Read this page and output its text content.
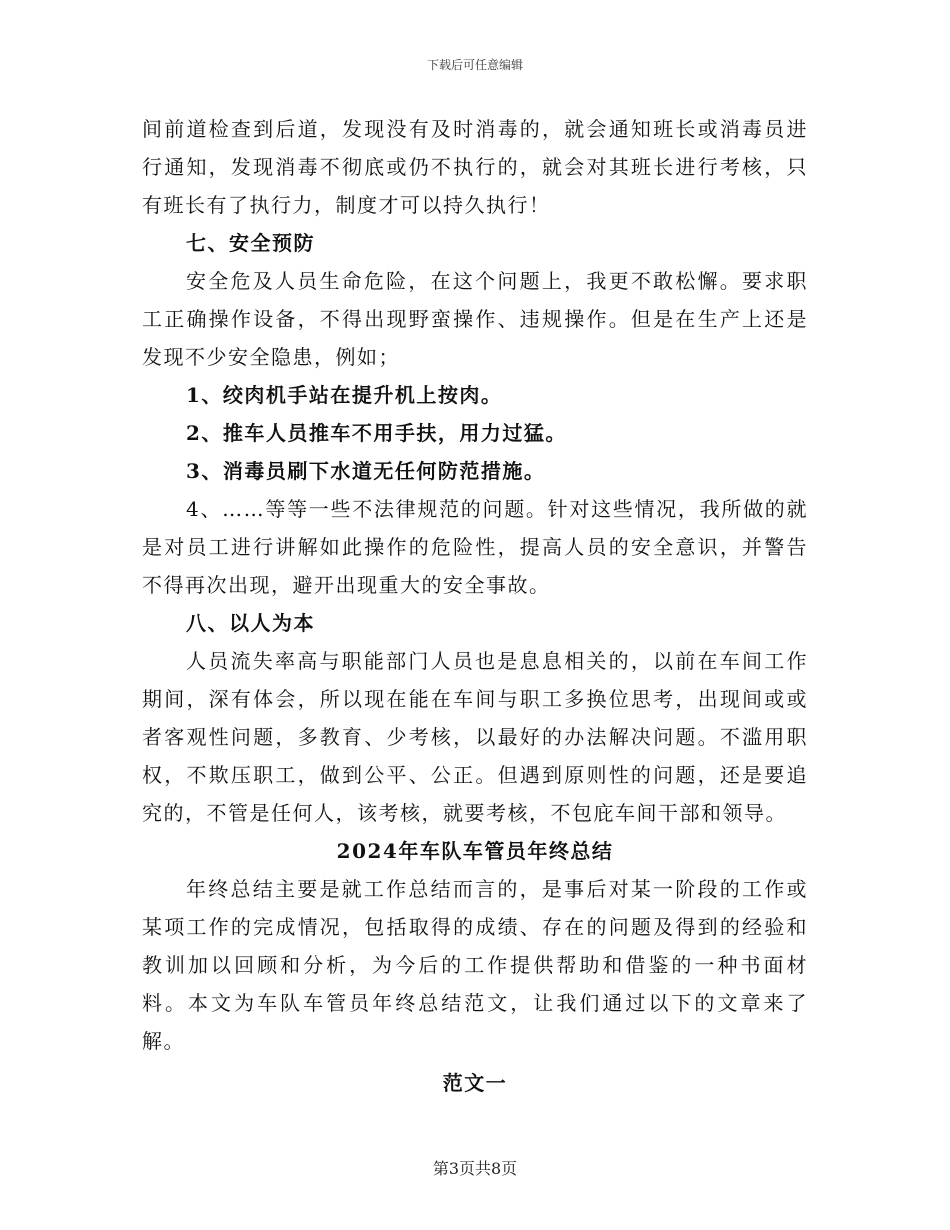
下载后可任意编辑

间前道检查到后道，发现没有及时消毒的，就会通知班长或消毒员进行通知，发现消毒不彻底或仍不执行的，就会对其班长进行考核，只有班长有了执行力，制度才可以持久执行！

七、安全预防

安全危及人员生命危险，在这个问题上，我更不敢松懈。要求职工正确操作设备，不得出现野蛮操作、违规操作。但是在生产上还是发现不少安全隐患，例如；

1、绞肉机手站在提升机上按肉。

2、推车人员推车不用手扶，用力过猛。

3、消毒员刷下水道无任何防范措施。

4、……等等一些不法律规范的问题。针对这些情况，我所做的就是对员工进行讲解如此操作的危险性，提高人员的安全意识，并警告不得再次出现，避开出现重大的安全事故。

八、以人为本

人员流失率高与职能部门人员也是息息相关的，以前在车间工作期间，深有体会，所以现在能在车间与职工多换位思考，出现间或或者客观性问题，多教育、少考核，以最好的办法解决问题。不滥用职权，不欺压职工，做到公平、公正。但遇到原则性的问题，还是要追究的，不管是任何人，该考核，就要考核，不包庇车间干部和领导。

2024年车队车管员年终总结

年终总结主要是就工作总结而言的，是事后对某一阶段的工作或某项工作的完成情况，包括取得的成绩、存在的问题及得到的经验和教训加以回顾和分析，为今后的工作提供帮助和借鉴的一种书面材料。本文为车队车管员年终总结范文，让我们通过以下的文章来了解。

范文一

第3页共8页
